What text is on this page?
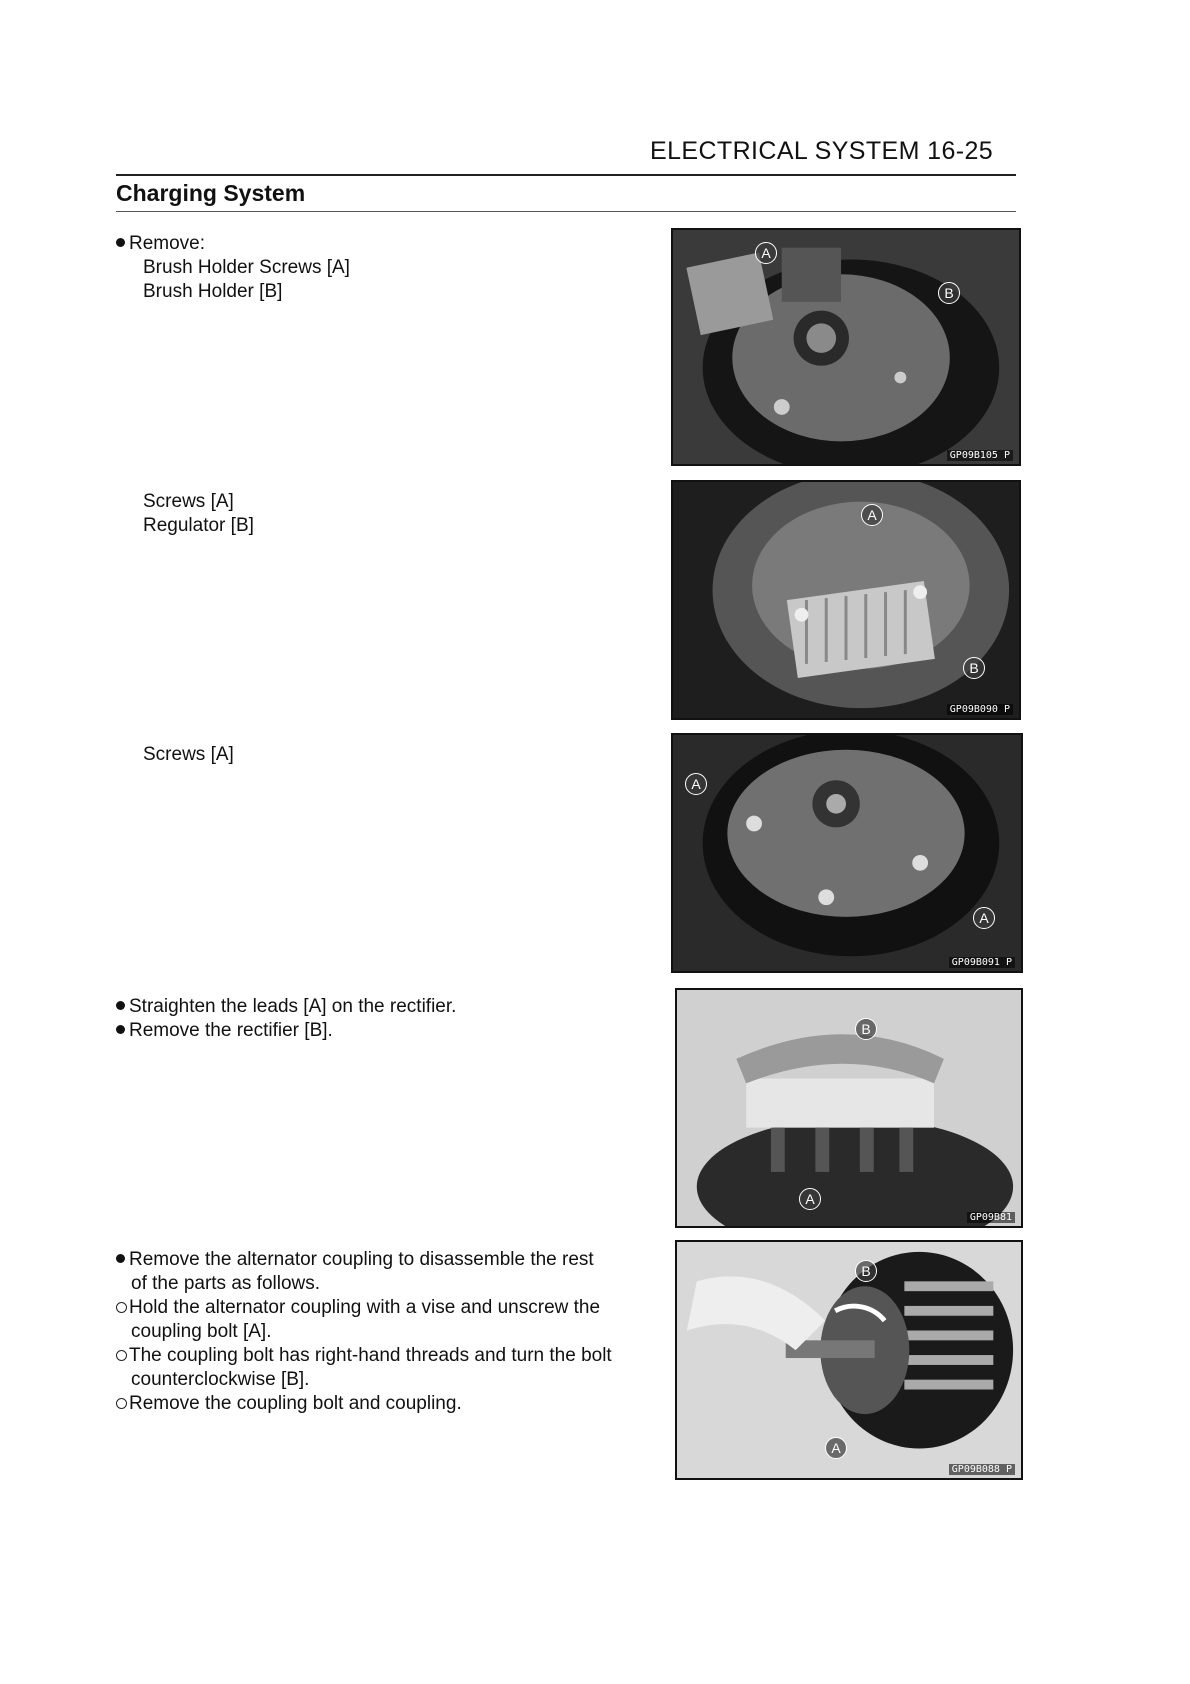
ELECTRICAL SYSTEM 16-25
Charging System
Remove:
Brush Holder Screws [A]
Brush Holder [B]
A
B
GP09B105 P
Screws [A]
Regulator [B]	A
B
GP09B090 P
Screws [A]
A
A
GP09B091 P
Straighten the leads [A] on the rectifier.
Remove the rectifier [B].	B
A
GP09B81
Remove the alternator coupling to disassemble the rest
of the parts as follows.
Hold the alternator coupling with a vise and unscrew the
coupling bolt [A].
The coupling bolt has right-hand threads and turn the bolt
counterclockwise [B].
Remove the coupling bolt and coupling.
B
A
GP09B088 P
